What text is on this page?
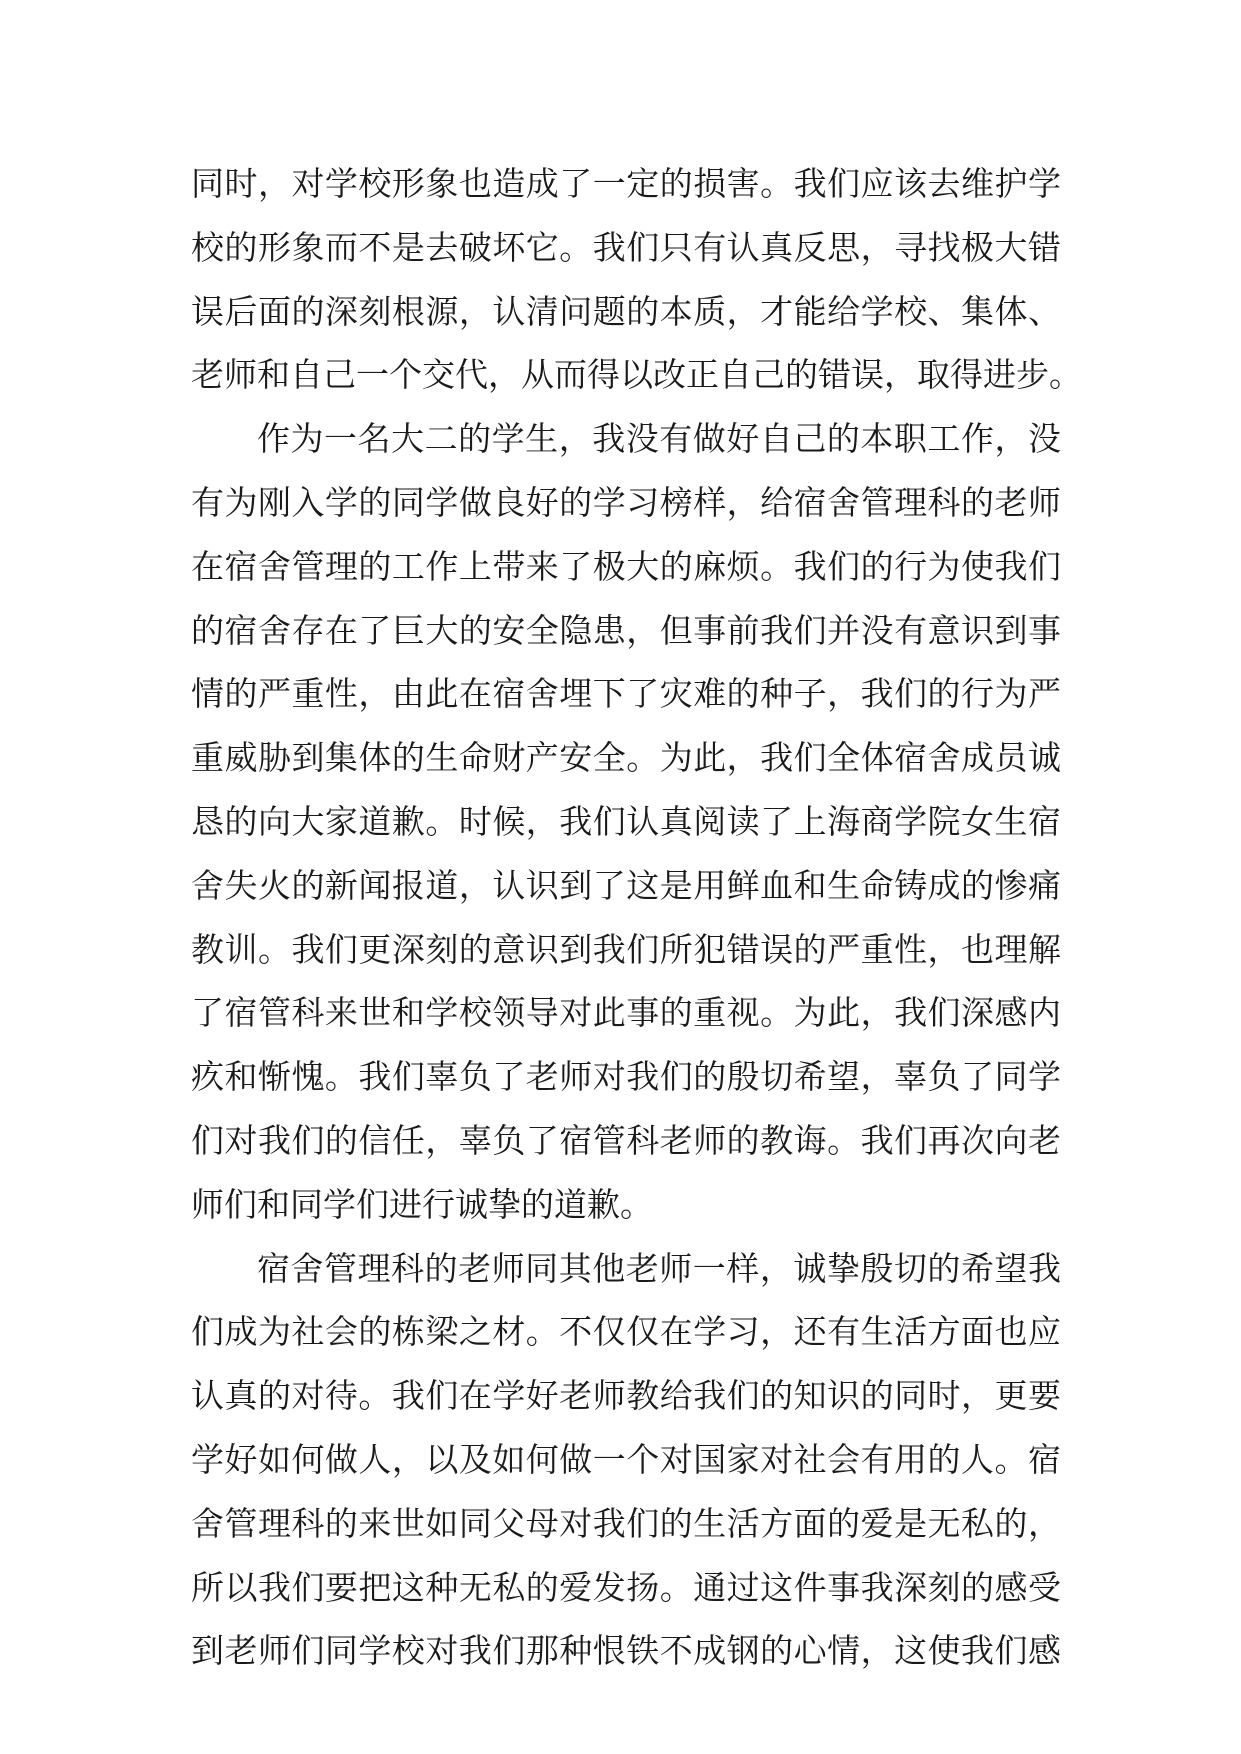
同时，对学校形象也造成了一定的损害。我们应该去维护学
校的形象而不是去破坏它。我们只有认真反思，寻找极大错
误后面的深刻根源，认清问题的本质，才能给学校、集体、
老师和自己一个交代，从而得以改正自己的错误，取得进步。
作为一名大二的学生，我没有做好自己的本职工作，没
有为刚入学的同学做良好的学习榜样，给宿舍管理科的老师
在宿舍管理的工作上带来了极大的麻烦。我们的行为使我们
的宿舍存在了巨大的安全隐患，但事前我们并没有意识到事
情的严重性，由此在宿舍埋下了灾难的种子，我们的行为严
重威胁到集体的生命财产安全。为此，我们全体宿舍成员诚
恳的向大家道歉。时候，我们认真阅读了上海商学院女生宿
舍失火的新闻报道，认识到了这是用鲜血和生命铸成的惨痛
教训。我们更深刻的意识到我们所犯错误的严重性，也理解
了宿管科来世和学校领导对此事的重视。为此，我们深感内
疚和惭愧。我们辜负了老师对我们的殷切希望，辜负了同学
们对我们的信任，辜负了宿管科老师的教诲。我们再次向老
师们和同学们进行诚挚的道歉。
宿舍管理科的老师同其他老师一样，诚挚殷切的希望我
们成为社会的栋梁之材。不仅仅在学习，还有生活方面也应
认真的对待。我们在学好老师教给我们的知识的同时，更要
学好如何做人，以及如何做一个对国家对社会有用的人。宿
舍管理科的来世如同父母对我们的生活方面的爱是无私的，
所以我们要把这种无私的爱发扬。通过这件事我深刻的感受
到老师们同学校对我们那种恨铁不成钢的心情，这使我们感
